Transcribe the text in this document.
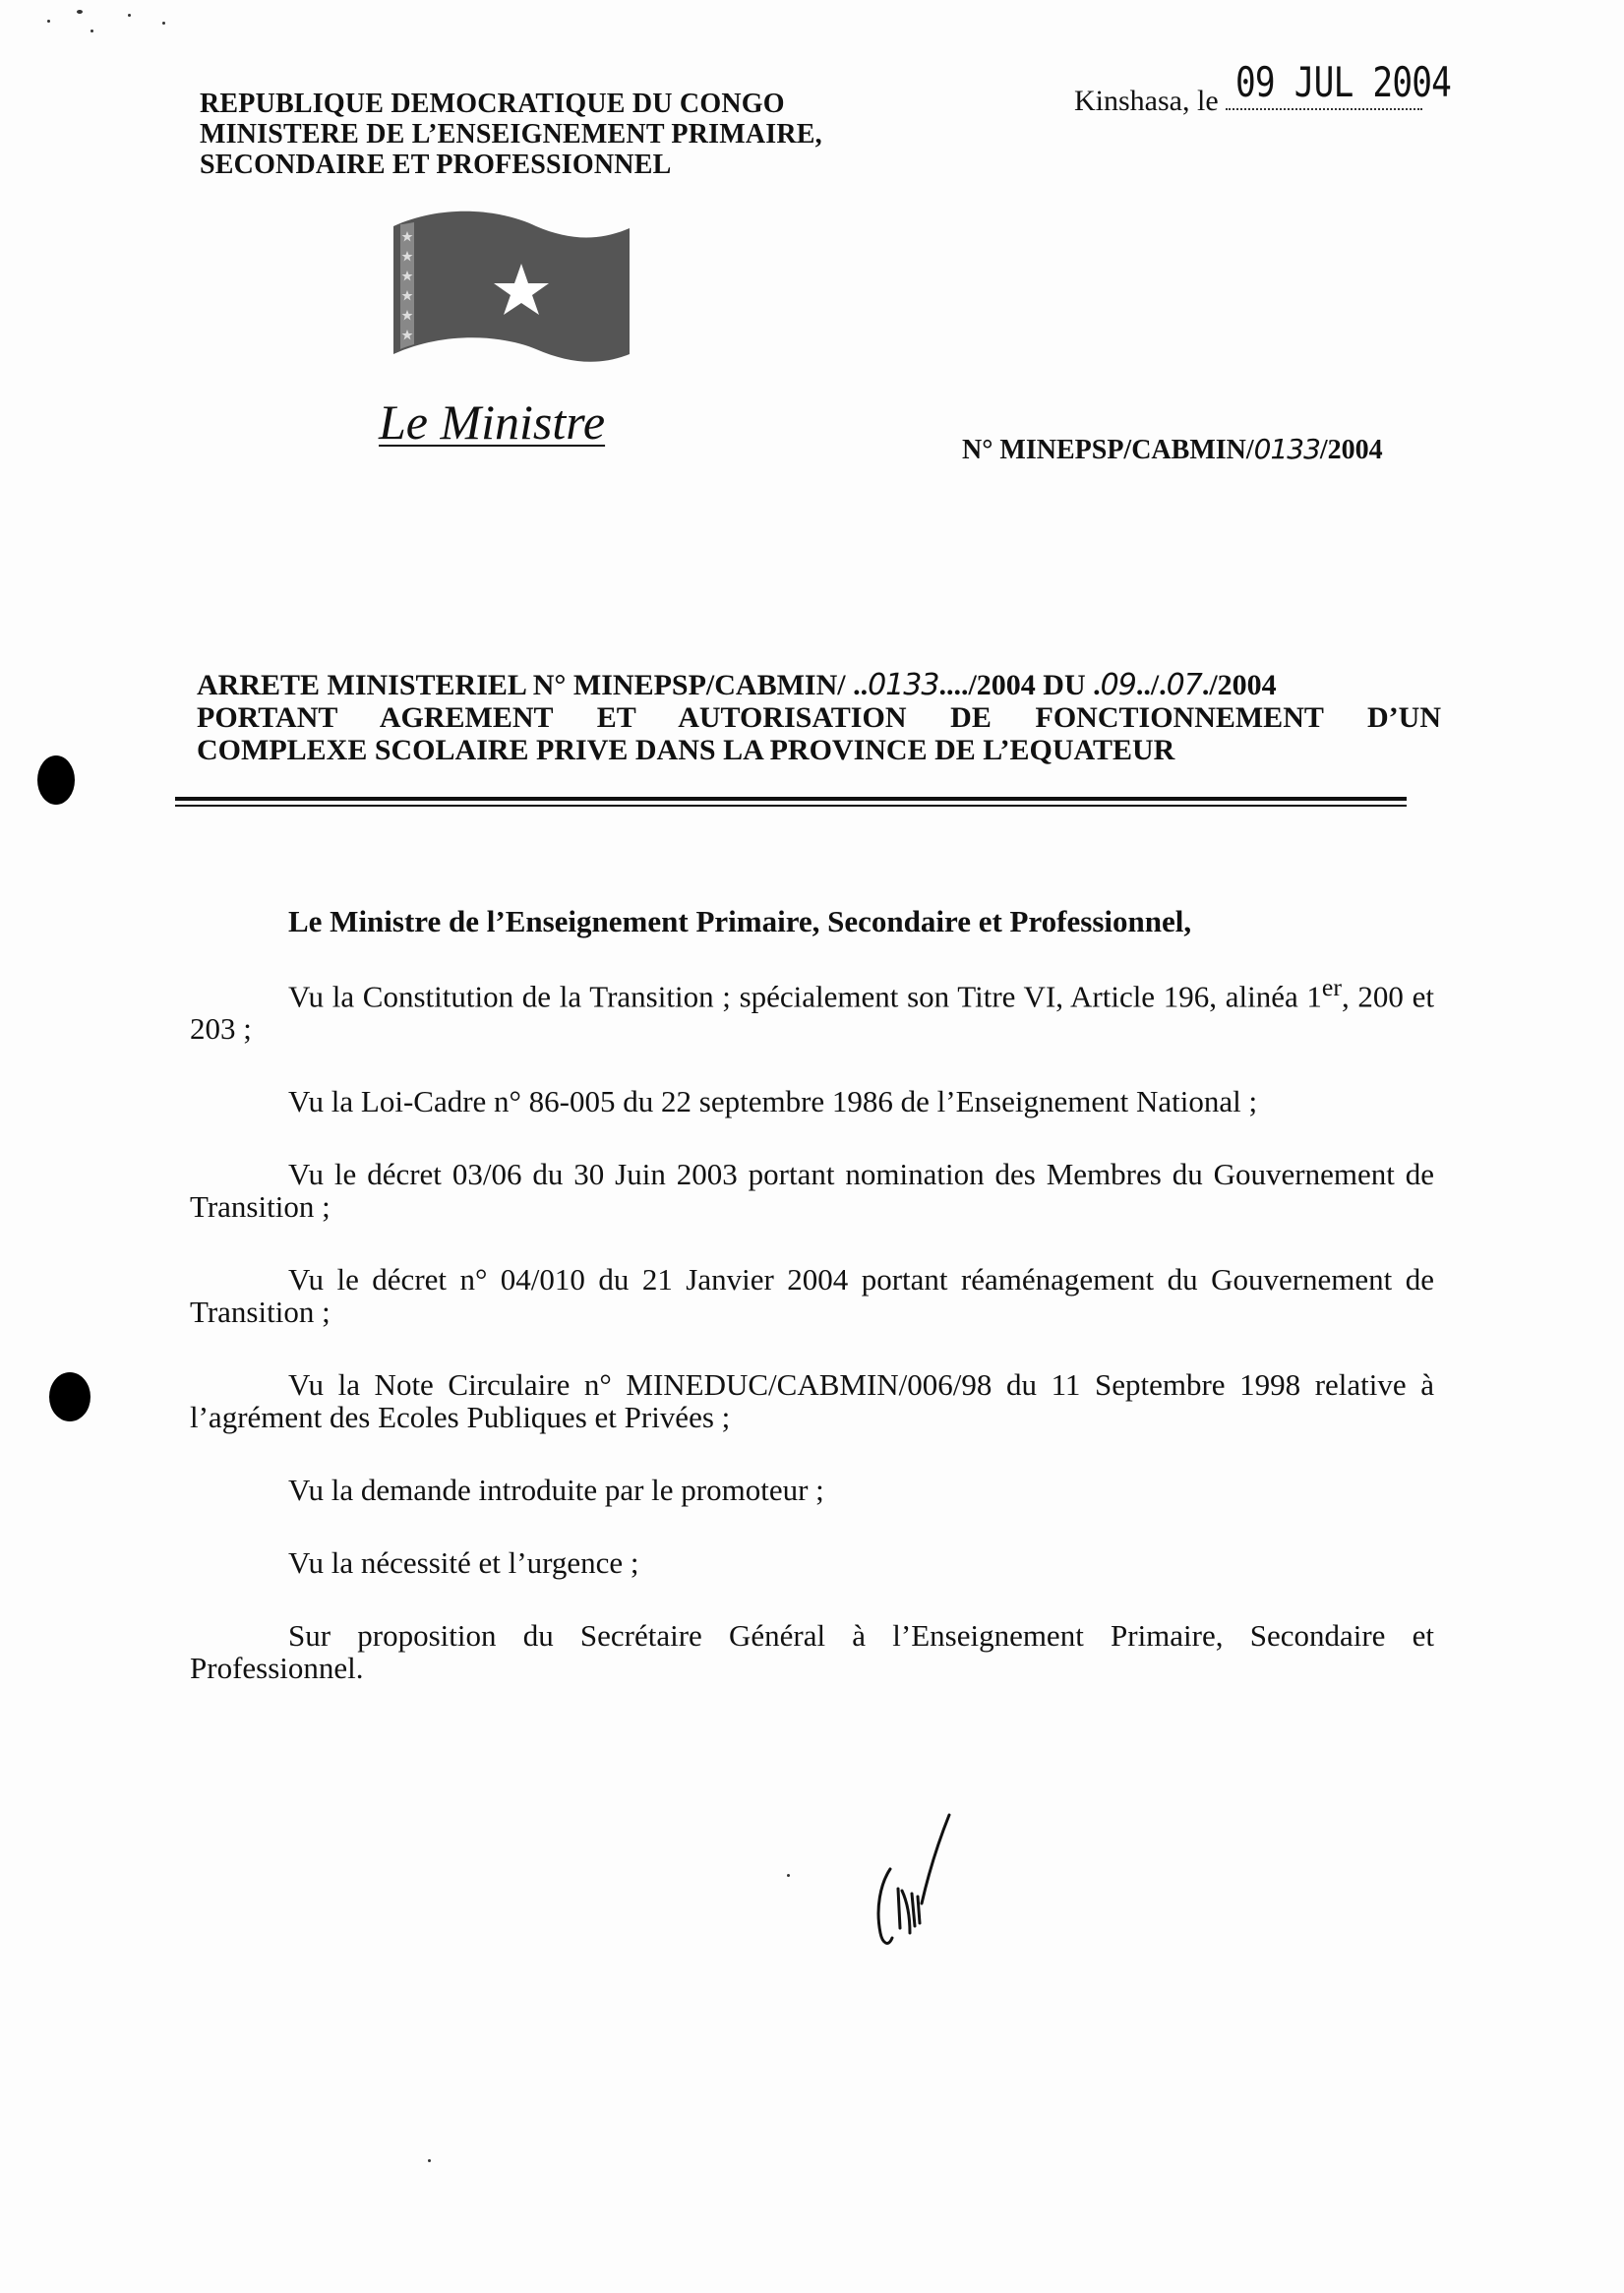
REPUBLIQUE DEMOCRATIQUE DU CONGO
MINISTERE DE L’ENSEIGNEMENT PRIMAIRE,
SECONDAIRE ET PROFESSIONNEL
Kinshasa, le 09 JUL 2004
Le Ministre
N° MINEPSP/CABMIN/0133/2004
ARRETE MINISTERIEL N° MINEPSP/CABMIN/ ..0133..../2004 DU .09../.07./2004
PORTANT AGREMENT ET AUTORISATION DE FONCTIONNEMENT D’UN
COMPLEXE SCOLAIRE PRIVE DANS LA PROVINCE DE L’EQUATEUR
Le Ministre de l’Enseignement Primaire, Secondaire et Professionnel,

Vu la Constitution de la Transition ; spécialement son Titre VI, Article 196, alinéa 1er, 200 et 203 ;

Vu la Loi-Cadre n° 86-005 du 22 septembre 1986 de l’Enseignement National ;

Vu le décret 03/06 du 30 Juin 2003 portant nomination des Membres du Gouvernement de Transition ;

Vu le décret n° 04/010 du 21 Janvier 2004 portant réaménagement du Gouvernement de Transition ;

Vu la Note Circulaire n° MINEDUC/CABMIN/006/98 du 11 Septembre 1998 relative à l’agrément des Ecoles Publiques et Privées ;

Vu la demande introduite par le promoteur ;

Vu la nécessité et l’urgence ;

Sur proposition du Secrétaire Général à l’Enseignement Primaire, Secondaire et Professionnel.
